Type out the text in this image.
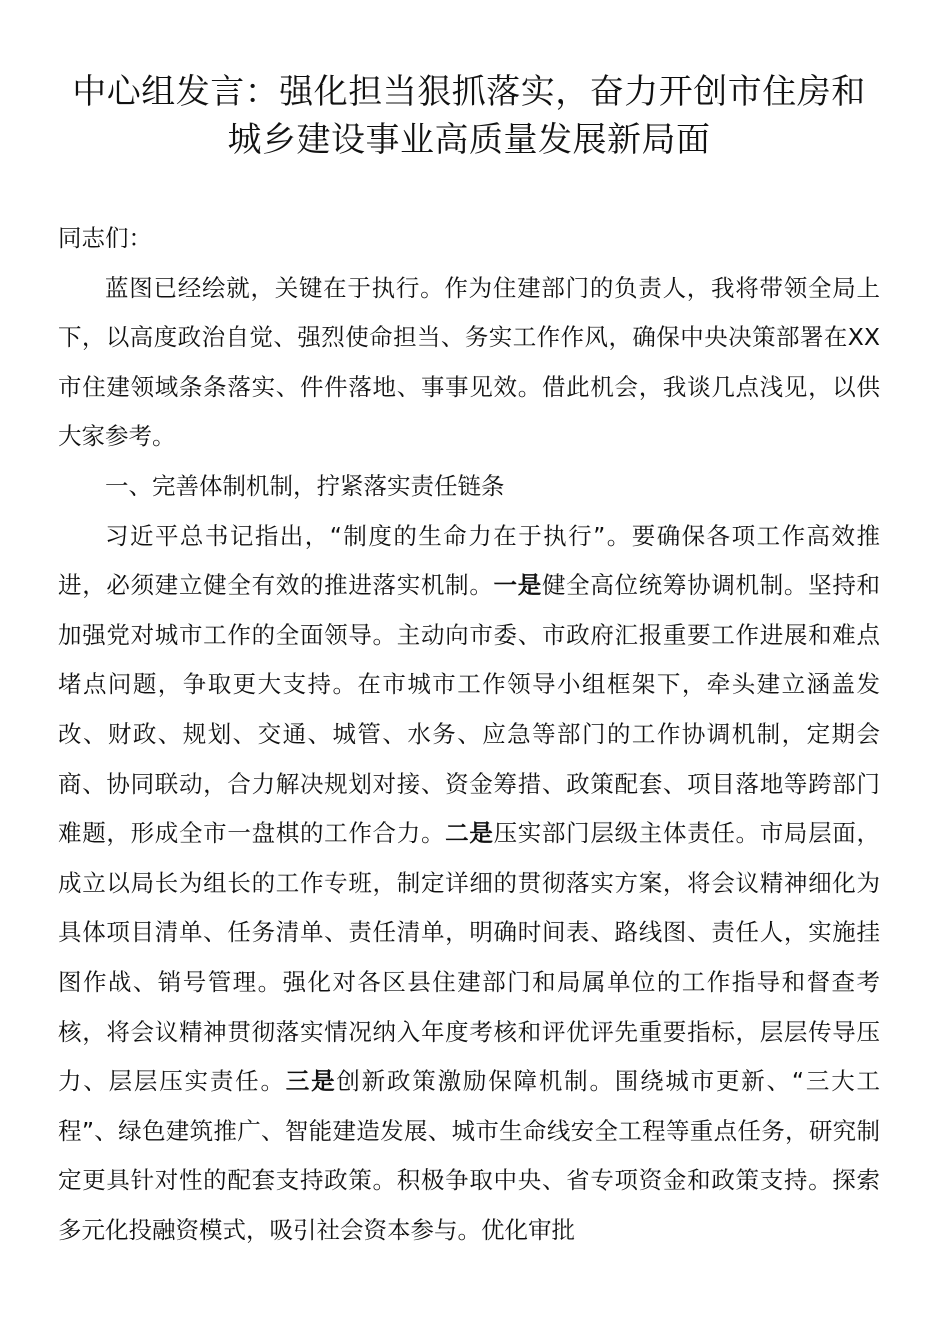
中心组发言：强化担当狠抓落实，奋力开创市住房和
城乡建设事业高质量发展新局面

同志们：

蓝图已经绘就，关键在于执行。作为住建部门的负责人，我将带领全局上下，以高度政治自觉、强烈使命担当、务实工作作风，确保中央决策部署在XX市住建领域条条落实、件件落地、事事见效。借此机会，我谈几点浅见，以供大家参考。

一、完善体制机制，拧紧落实责任链条

习近平总书记指出，“制度的生命力在于执行”。要确保各项工作高效推进，必须建立健全有效的推进落实机制。一是健全高位统筹协调机制。坚持和加强党对城市工作的全面领导。主动向市委、市政府汇报重要工作进展和难点堵点问题，争取更大支持。在市城市工作领导小组框架下，牵头建立涵盖发改、财政、规划、交通、城管、水务、应急等部门的工作协调机制，定期会商、协同联动，合力解决规划对接、资金筹措、政策配套、项目落地等跨部门难题，形成全市一盘棋的工作合力。二是压实部门层级主体责任。市局层面，成立以局长为组长的工作专班，制定详细的贯彻落实方案，将会议精神细化为具体项目清单、任务清单、责任清单，明确时间表、路线图、责任人，实施挂图作战、销号管理。强化对各区县住建部门和局属单位的工作指导和督查考核，将会议精神贯彻落实情况纳入年度考核和评优评先重要指标，层层传导压力、层层压实责任。三是创新政策激励保障机制。围绕城市更新、“三大工程”、绿色建筑推广、智能建造发展、城市生命线安全工程等重点任务，研究制定更具针对性的配套支持政策。积极争取中央、省专项资金和政策支持。探索多元化投融资模式，吸引社会资本参与。优化审批
